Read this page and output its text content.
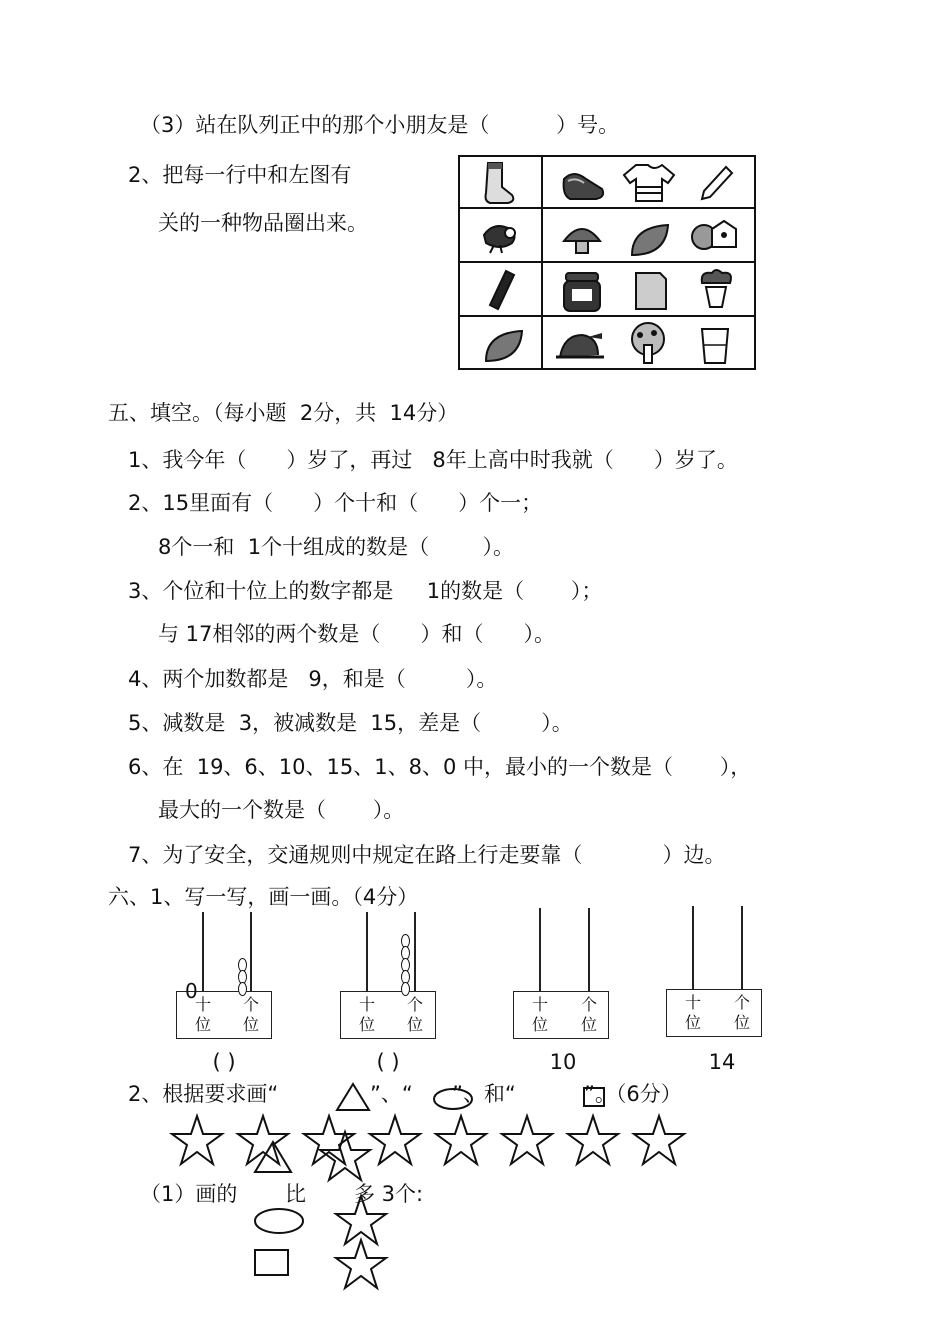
（3）站在队列正中的那个小朋友是（          ）号。
2、把每一行中和左图有
关的一种物品圈出来。
五、填空。（每小题  2分，共  14分）
1、我今年（      ）岁了，再过   8年上高中时我就（      ）岁了。
2、15里面有（      ）个十和（      ）个一；
8个一和  1个十组成的数是（        ）。
3、个位和十位上的数字都是     1的数是（       ）；
与 17相邻的两个数是（      ）和（      ）。
4、两个加数都是   9，和是（         ）。
5、减数是  3，被减数是  15，差是（         ）。
6、在  19、6、10、15、1、8、0 中，最小的一个数是（       ），
最大的一个数是（       ）。
7、为了安全，交通规则中规定在路上行走要靠（            ）边。
六、1、写一写，画一画。（4分）
十
位
个
位
0
( )
十
位
个
位
( )
十
位
个
位
10
十
位
个
位
14
2、根据要求画“	”、“ ”、和“	”。（6分）
（1）画的 比 多 3个:
